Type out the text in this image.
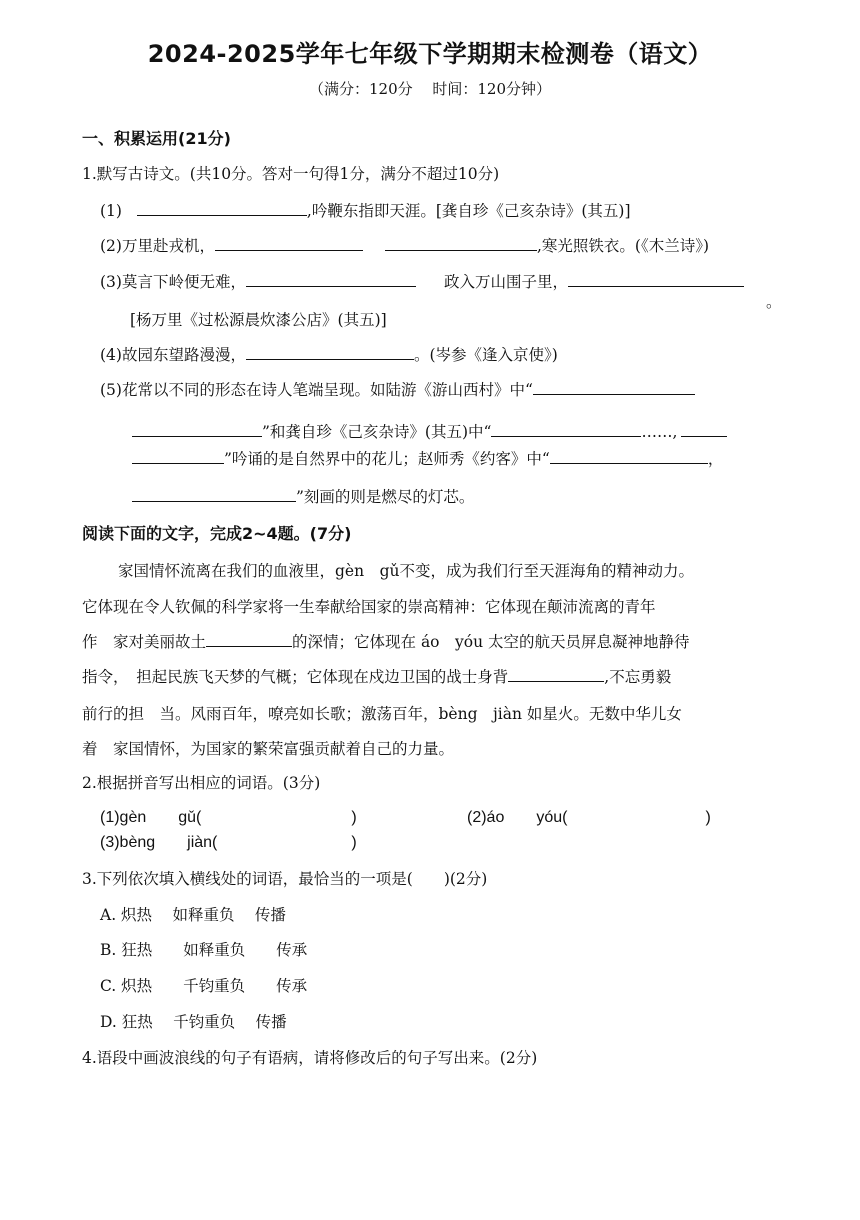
2024-2025学年七年级下学期期末检测卷（语文）
（满分：120分　 时间：120分钟）
一、积累运用(21分)
1.默写古诗文。(共10分。答对一句得1分，满分不超过10分)
(1)	,吟鞭东指即天涯。[龚自珍《己亥杂诗》(其五)]
(2)万里赴戎机，	,寒光照铁衣。(《木兰诗》)
(3)莫言下岭便无难，	政入万山围子里，
。
[杨万里《过松源晨炊漆公店》(其五)]
(4)故园东望路漫漫，	。(岑参《逢入京使》)
(5)花常以不同的形态在诗人笔端呈现。如陆游《游山西村》中“
”和龚自珍《己亥杂诗》(其五)中“	……,
”吟诵的是自然界中的花儿；赵师秀《约客》中“	，
”刻画的则是燃尽的灯芯。
阅读下面的文字，完成2~4题。(7分)
家国情怀流离在我们的血液里，gèn　gǔ不变，成为我们行至天涯海角的精神动力。
它体现在令人钦佩的科学家将一生奉献给国家的崇高精神：它体现在颠沛流离的青年
作　家对美丽故土	的深情；它体现在 áo　yóu 太空的航天员屏息凝神地静待
指令，　担起民族飞天梦的气概；它体现在戍边卫国的战士身背	,不忘勇毅
前行的担　当。风雨百年，嘹亮如长歌；激荡百年，bèng　jiàn 如星火。无数中华儿女
着　家国情怀，为国家的繁荣富强贡献着自己的力量。
2.根据拼音写出相应的词语。(3分)
(1)gèn　　gǔ(	)	(2)áo　　yóu(	)
(3)bèng　　jiàn(	)
3.下列依次填入横线处的词语，最恰当的一项是(　　)(2分)
A. 炽热　 如释重负　 传播
B. 狂热　　如释重负　　传承
C. 炽热　　千钧重负　　传承
D. 狂热　 千钧重负　 传播
4.语段中画波浪线的句子有语病，请将修改后的句子写出来。(2分)
